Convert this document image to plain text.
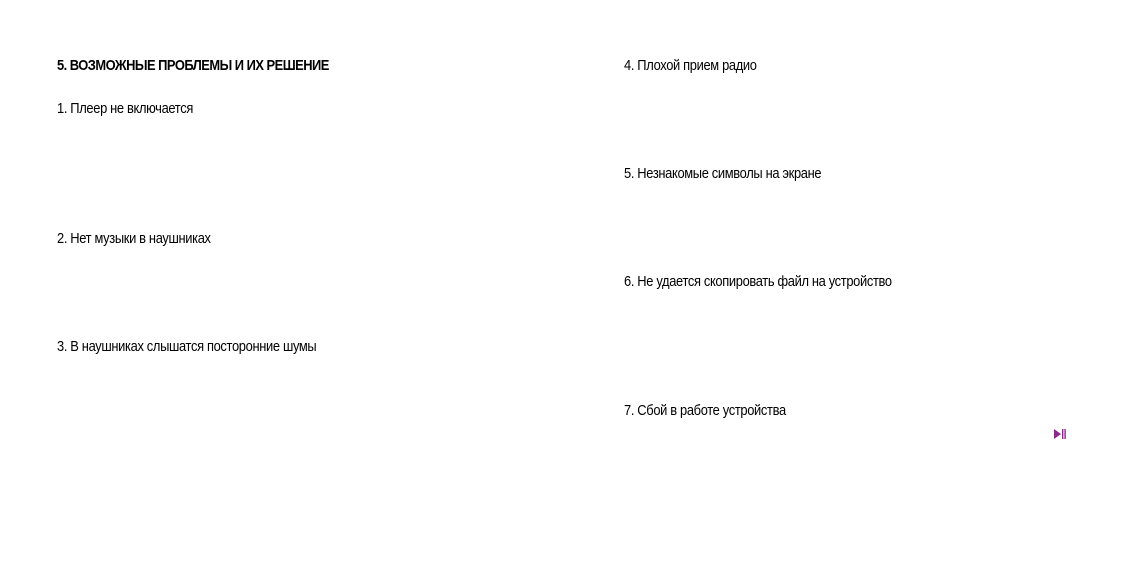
5. ВОЗМОЖНЫЕ ПРОБЛЕМЫ И ИХ РЕШЕНИЕ
1. Плеер не включается
2. Нет музыки в наушниках
3. В наушниках слышатся посторонние шумы
4. Плохой прием радио
5. Незнакомые символы на экране
6. Не удается скопировать файл на устройство
7. Сбой в работе устройства
